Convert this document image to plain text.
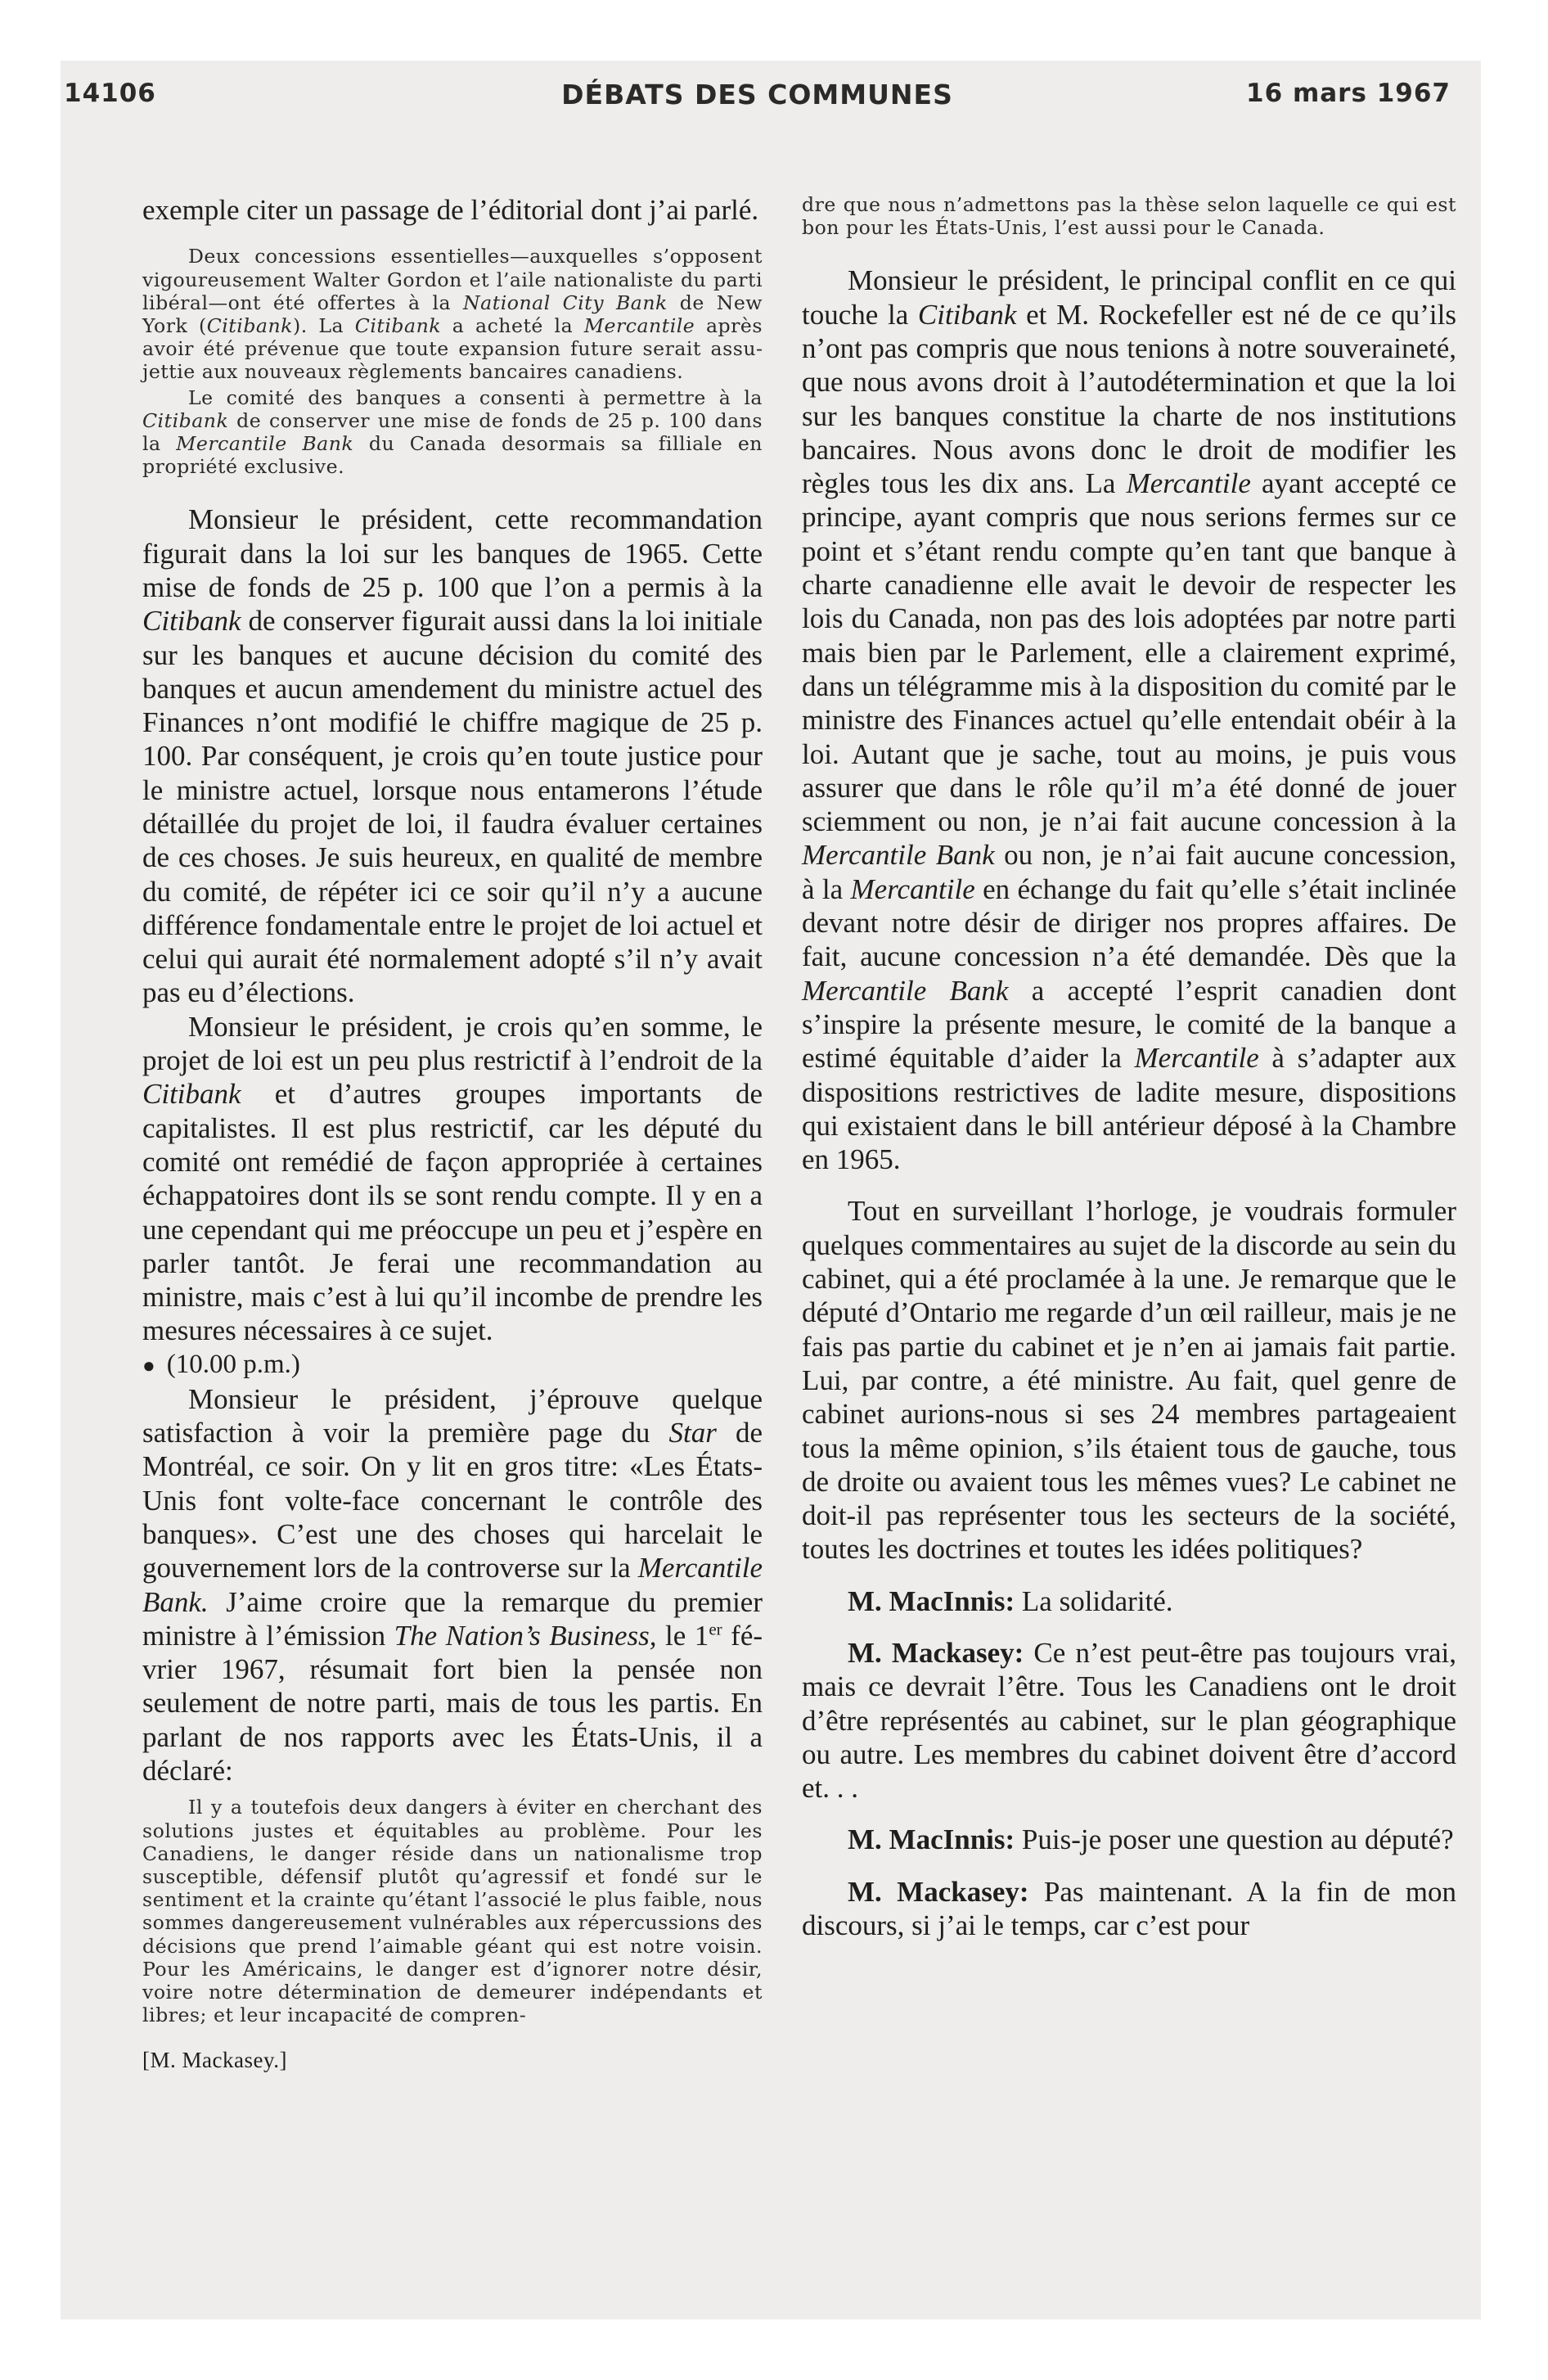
DÉBATS DES COMMUNES
14106	16 mars 1967

exemple citer un passage de l’éditorial dont j’ai parlé.

Deux concessions essentielles—auxquelles s’opposent vigoureusement Walter Gordon et l’aile nationaliste du parti libéral—ont été offertes à la National City Bank de New York (Citibank). La Citibank a acheté la Mercantile après avoir été prévenue que toute expansion future serait assujettie aux nouveaux règlements bancaires canadiens.

Le comité des banques a consenti à permettre à la Citibank de conserver une mise de fonds de 25 p. 100 dans la Mercantile Bank du Canada desormais sa filliale en propriété exclusive.

Monsieur le président, cette recommandation figurait dans la loi sur les banques de 1965. Cette mise de fonds de 25 p. 100 que l’on a permis à la Citibank de conserver figurait aussi dans la loi initiale sur les banques et aucune décision du comité des banques et aucun amendement du ministre actuel des Finances n’ont modifié le chiffre magique de 25 p. 100. Par conséquent, je crois qu’en toute justice pour le ministre actuel, lorsque nous entamerons l’étude détaillée du projet de loi, il faudra évaluer certaines de ces choses. Je suis heureux, en qualité de membre du comité, de répéter ici ce soir qu’il n’y a aucune différence fondamentale entre le projet de loi actuel et celui qui aurait été normalement adopté s’il n’y avait pas eu d’élections.

Monsieur le président, je crois qu’en somme, le projet de loi est un peu plus restrictif à l’endroit de la Citibank et d’autres groupes importants de capitalistes. Il est plus restrictif, car les député du comité ont remédié de façon appropriée à certaines échappatoires dont ils se sont rendu compte. Il y en a une cependant qui me préoccupe un peu et j’espère en parler tantôt. Je ferai une recommandation au ministre, mais c’est à lui qu’il incombe de prendre les mesures nécessaires à ce sujet.

● (10.00 p.m.)

Monsieur le président, j’éprouve quelque satisfaction à voir la première page du Star de Montréal, ce soir. On y lit en gros titre: «Les États-Unis font volte-face concernant le contrôle des banques». C’est une des choses qui harcelait le gouvernement lors de la controverse sur la Mercantile Bank. J’aime croire que la remarque du premier ministre à l’émission The Nation’s Business, le 1er février 1967, résumait fort bien la pensée non seulement de notre parti, mais de tous les partis. En parlant de nos rapports avec les États-Unis, il a déclaré:

Il y a toutefois deux dangers à éviter en cherchant des solutions justes et équitables au problème. Pour les Canadiens, le danger réside dans un nationalisme trop susceptible, défensif plutôt qu’agressif et fondé sur le sentiment et la crainte qu’étant l’associé le plus faible, nous sommes dangereusement vulnérables aux répercussions des décisions que prend l’aimable géant qui est notre voisin. Pour les Américains, le danger est d’ignorer notre désir, voire notre détermination de demeurer indépendants et libres; et leur incapacité de compren-

[M. Mackasey.]

dre que nous n’admettons pas la thèse selon laquelle ce qui est bon pour les États-Unis, l’est aussi pour le Canada.

Monsieur le président, le principal conflit en ce qui touche la Citibank et M. Rockefeller est né de ce qu’ils n’ont pas compris que nous tenions à notre souveraineté, que nous avons droit à l’autodétermination et que la loi sur les banques constitue la charte de nos institutions bancaires. Nous avons donc le droit de modifier les règles tous les dix ans. La Mercantile ayant accepté ce principe, ayant compris que nous serions fermes sur ce point et s’étant rendu compte qu’en tant que banque à charte canadienne elle avait le devoir de respecter les lois du Canada, non pas des lois adoptées par notre parti mais bien par le Parlement, elle a clairement exprimé, dans un télégramme mis à la disposition du comité par le ministre des Finances actuel qu’elle entendait obéir à la loi. Autant que je sache, tout au moins, je puis vous assurer que dans le rôle qu’il m’a été donné de jouer sciemment ou non, je n’ai fait aucune concession à la Mercantile Bank ou non, je n’ai fait aucune concession, à la Mercantile en échange du fait qu’elle s’était inclinée devant notre désir de diriger nos propres affaires. De fait, aucune concession n’a été demandée. Dès que la Mercantile Bank a accepté l’esprit canadien dont s’inspire la présente mesure, le comité de la banque a estimé équitable d’aider la Mercantile à s’adapter aux dispositions restrictives de ladite mesure, dispositions qui existaient dans le bill antérieur déposé à la Chambre en 1965.

Tout en surveillant l’horloge, je voudrais formuler quelques commentaires au sujet de la discorde au sein du cabinet, qui a été proclamée à la une. Je remarque que le député d’Ontario me regarde d’un œil railleur, mais je ne fais pas partie du cabinet et je n’en ai jamais fait partie. Lui, par contre, a été ministre. Au fait, quel genre de cabinet aurions-nous si ses 24 membres partageaient tous la même opinion, s’ils étaient tous de gauche, tous de droite ou avaient tous les mêmes vues? Le cabinet ne doit-il pas représenter tous les secteurs de la société, toutes les doctrines et toutes les idées politiques?

M. MacInnis: La solidarité.

M. Mackasey: Ce n’est peut-être pas toujours vrai, mais ce devrait l’être. Tous les Canadiens ont le droit d’être représentés au cabinet, sur le plan géographique ou autre. Les membres du cabinet doivent être d’accord et. . .

M. MacInnis: Puis-je poser une question au député?

M. Mackasey: Pas maintenant. A la fin de mon discours, si j’ai le temps, car c’est pour
